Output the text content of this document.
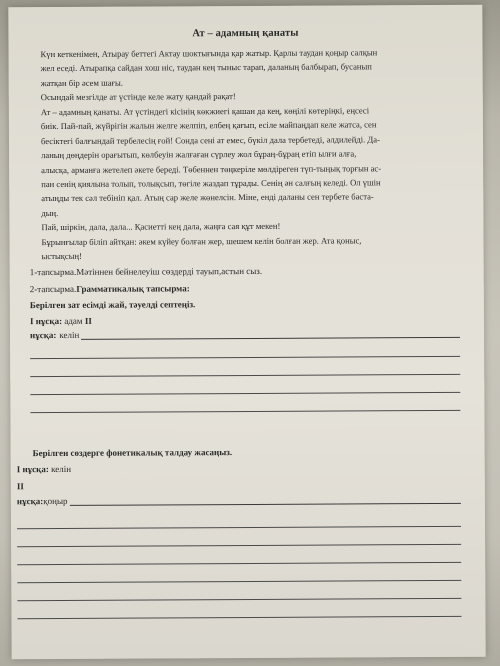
Ат – адамның қанаты
Күн кеткенімен, Атырау беттегі Актау шоктығында қар жатыр. Қарлы таудан қоңыр салқын
жел еседі. Атырапқа сайдан хош иіс, таудан кең тыныс тарап, даланың балбырап, бусанып
жатқан бір әсем шағы.
Осындай мезгілде ат үстінде келе жату қандай рақат!
Ат – адамның қанаты. Ат үстіндегі кісінің көкжиегі қашан да кең, көңілі көтеріңкі, еңсесі
биік. Пай-пай, жүйрігін жалын желге желпіп, елбең қағып, есіле майпаңдап келе жатса, сен
бесіктегі балғындай тербелесің ғой! Сонда сені ат емес, бүкіл дала тербетеді, әлдилейді. Да-
ланың дөңдерін орағытып, көлбеуін жалғаған сүрлеу жол бұраң-бұраң етіп ылғи алға,
алысқа, арманға жетелеп әкете береді. Төбеннен төңкеріле мөлдіреген түп-тыңық торғын ас-
пан сенің қиялына толып, толықсып, төгіле жаздап тұрады. Сенің ән салғың келеді. Ол үшін
атыңды тек сәл тебініп қал. Атың сар желе жөнелсін. Міне, енді даланы сен тербете баста-
дың.
Пай, шіркін, дала, дала... Қасиетті кең дала, жаңға сая құт мекен!
Бұрынғылар біліп айтқан: әкем күйеу болған жер, шешем келін болған жер. Ата қоныс,
ыстықсың!
1-тапсырма.Мәтіннен бейнелеуіш сөздерді тауып,астын сыз.
2-тапсырма.Грамматикалық тапсырма:
Берілген зат есімді жай, тәуелді септеңіз.
І нұсқа: адам ІІ
нұсқа: келін
Берілген сөздерге фонетикалық талдау жасаңыз.
І нұсқа: келін
ІІ
нұсқа: қоңыр
